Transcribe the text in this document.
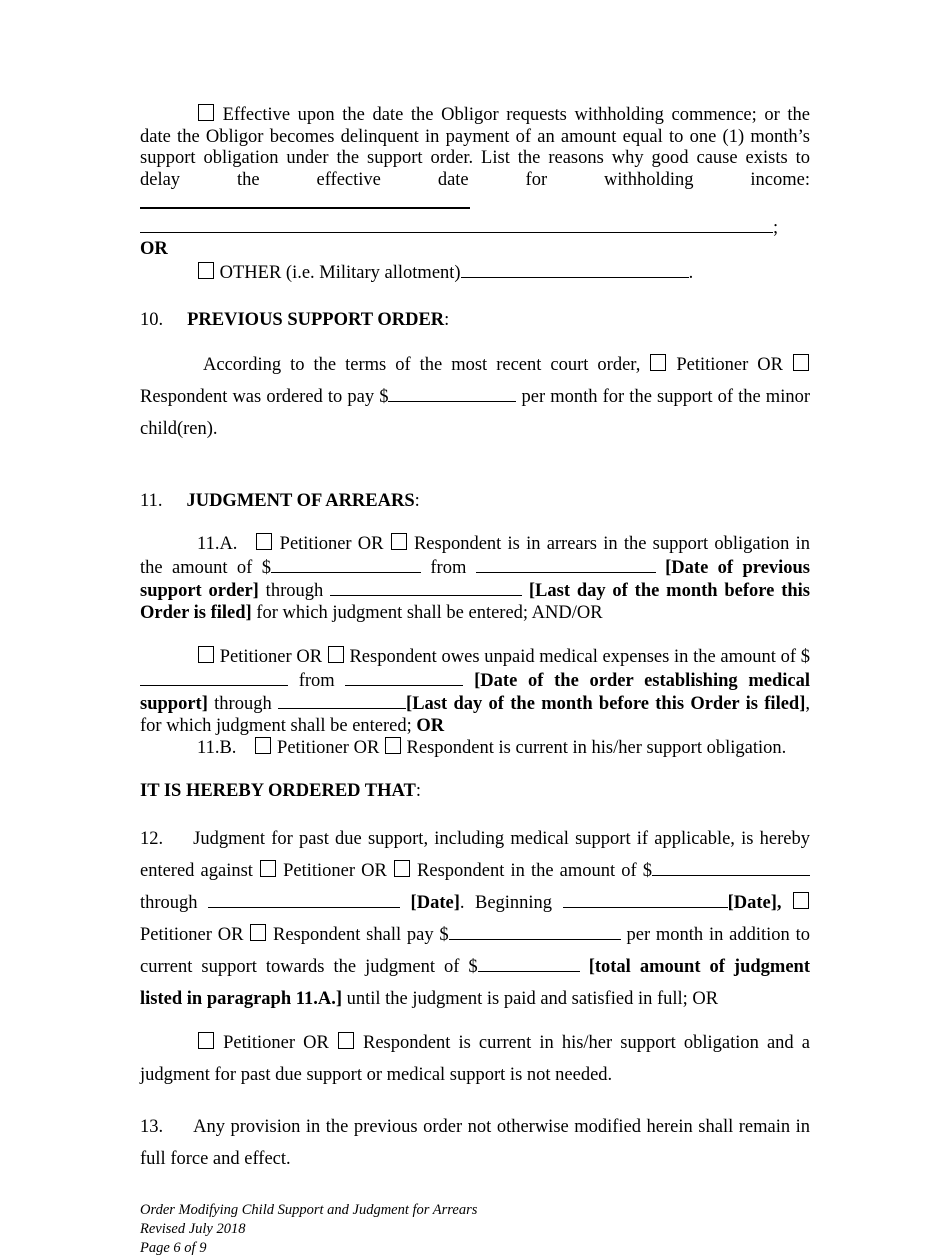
Effective upon the date the Obligor requests withholding commence; or the date the Obligor becomes delinquent in payment of an amount equal to one (1) month’s support obligation under the support order. List the reasons why good cause exists to delay the effective date for withholding income:

; OR

OTHER (i.e. Military allotment)	.

10. PREVIOUS SUPPORT ORDER:

According to the terms of the most recent court order,  Petitioner OR  Respondent was ordered to pay $	per month for the support of the minor child(ren).

11. JUDGMENT OF ARREARS:

11.A. Petitioner OR  Respondent is in arrears in the support obligation in the amount of $	from	[Date of previous support order] through	[Last day of the month before this Order is filed] for which judgment shall be entered; AND/OR

Petitioner OR  Respondent owes unpaid medical expenses in the amount of $ from	[Date of the order establishing medical support] through	[Last day of the month before this Order is filed], for which judgment shall be entered; OR

11.B. Petitioner OR  Respondent is current in his/her support obligation.

IT IS HEREBY ORDERED THAT:

12. Judgment for past due support, including medical support if applicable, is hereby entered against  Petitioner OR  Respondent in the amount of $ through	[Date]. Beginning	[Date],  Petitioner OR  Respondent shall pay $	per month in addition to current support towards the judgment of $	[total amount of judgment listed in paragraph 11.A.] until the judgment is paid and satisfied in full; OR

Petitioner OR  Respondent is current in his/her support obligation and a judgment for past due support or medical support is not needed.

13. Any provision in the previous order not otherwise modified herein shall remain in full force and effect.

Order Modifying Child Support and Judgment for Arrears
Revised July 2018
Page 6 of 9
